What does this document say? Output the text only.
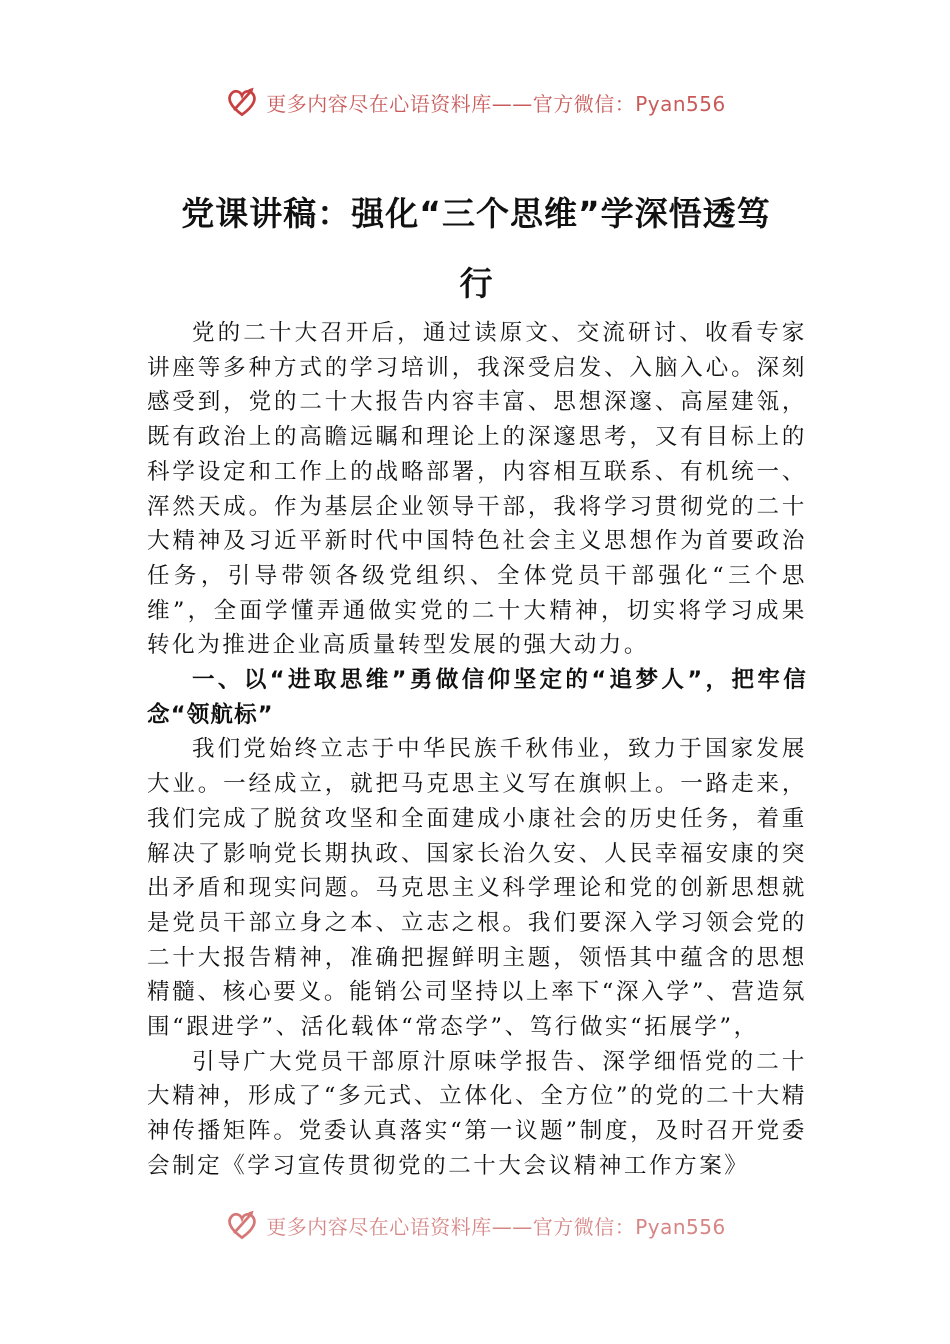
更多内容尽在心语资料库——官方微信：Pyan556
党课讲稿：强化“三个思维”学深悟透笃
行

党的二十大召开后，通过读原文、交流研讨、收看专家讲座等多种方式的学习培训，我深受启发、入脑入心。深刻感受到，党的二十大报告内容丰富、思想深邃、高屋建瓴，既有政治上的高瞻远瞩和理论上的深邃思考，又有目标上的科学设定和工作上的战略部署，内容相互联系、有机统一、浑然天成。作为基层企业领导干部，我将学习贯彻党的二十大精神及习近平新时代中国特色社会主义思想作为首要政治任务，引导带领各级党组织、全体党员干部强化“三个思维”，全面学懂弄通做实党的二十大精神，切实将学习成果转化为推进企业高质量转型发展的强大动力。

一、以“进取思维”勇做信仰坚定的“追梦人”，把牢信念“领航标”

我们党始终立志于中华民族千秋伟业，致力于国家发展大业。一经成立，就把马克思主义写在旗帜上。一路走来，我们完成了脱贫攻坚和全面建成小康社会的历史任务，着重解决了影响党长期执政、国家长治久安、人民幸福安康的突出矛盾和现实问题。马克思主义科学理论和党的创新思想就是党员干部立身之本、立志之根。我们要深入学习领会党的二十大报告精神，准确把握鲜明主题，领悟其中蕴含的思想精髓、核心要义。能销公司坚持以上率下“深入学”、营造氛围“跟进学”、活化载体“常态学”、笃行做实“拓展学”，

引导广大党员干部原汁原味学报告、深学细悟党的二十大精神，形成了“多元式、立体化、全方位”的党的二十大精神传播矩阵。党委认真落实“第一议题”制度，及时召开党委会制定《学习宣传贯彻党的二十大会议精神工作方案》

更多内容尽在心语资料库——官方微信：Pyan556
